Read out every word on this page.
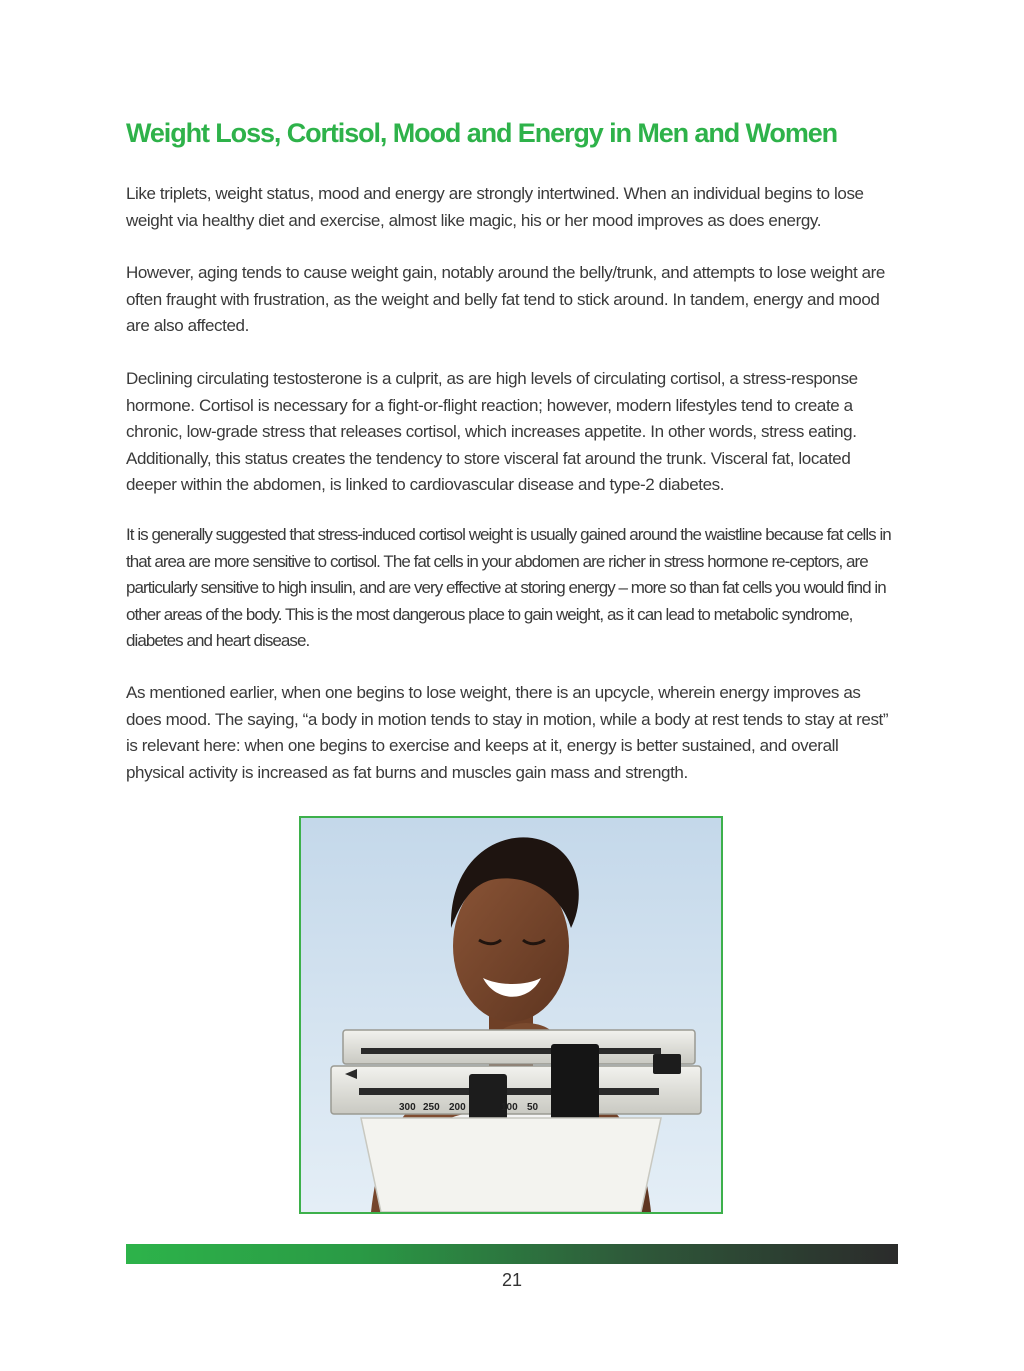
Weight Loss, Cortisol, Mood and Energy in Men and Women

Like triplets, weight status, mood and energy are strongly intertwined. When an individual begins to lose weight via healthy diet and exercise, almost like magic, his or her mood improves as does energy.

However, aging tends to cause weight gain, notably around the belly/trunk, and attempts to lose weight are often fraught with frustration, as the weight and belly fat tend to stick around. In tandem, energy and mood are also affected.

Declining circulating testosterone is a culprit, as are high levels of circulating cortisol, a stress-response hormone. Cortisol is necessary for a fight-or-flight reaction; however, modern lifestyles tend to create a chronic, low-grade stress that releases cortisol, which increases appetite. In other words, stress eating. Additionally, this status creates the tendency to store visceral fat around the trunk. Visceral fat, located deeper within the abdomen, is linked to cardiovascular disease and type-2 diabetes.

It is generally suggested that stress-induced cortisol weight is usually gained around the waistline because fat cells in that area are more sensitive to cortisol. The fat cells in your abdomen are richer in stress hormone re-ceptors, are particularly sensitive to high insulin, and are very effective at storing energy – more so than fat cells you would find in other areas of the body. This is the most dangerous place to gain weight, as it can lead to metabolic syndrome, diabetes and heart disease.

As mentioned earlier, when one begins to lose weight, there is an upcycle, wherein energy improves as does mood. The saying, “a body in motion tends to stay in motion, while a body at rest tends to stay at rest” is relevant here: when one begins to exercise and keeps at it, energy is better sustained, and overall physical activity is increased as fat burns and muscles gain mass and strength.

300 250 200	100 50
21
